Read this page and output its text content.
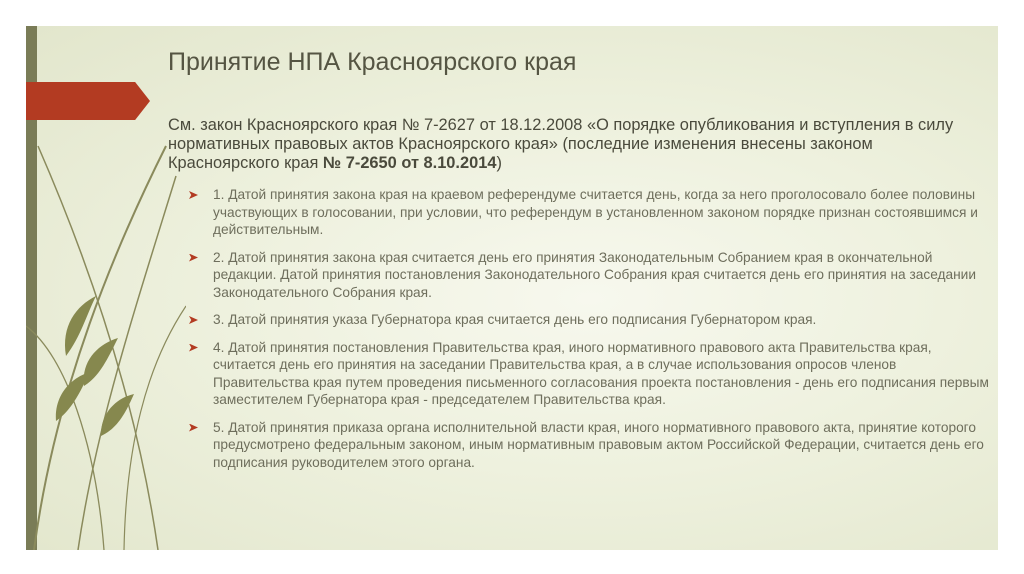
Принятие НПА Красноярского края

См. закон Красноярского края № 7-2627 от 18.12.2008 «О порядке опубликования и вступления в силу нормативных правовых актов Красноярского края» (последние изменения внесены законом Красноярского края № 7-2650 от 8.10.2014)

1. Датой принятия закона края на краевом референдуме считается день, когда за него проголосовало более половины участвующих в голосовании, при условии, что референдум в установленном законом порядке признан состоявшимся и действительным.
2. Датой принятия закона края считается день его принятия Законодательным Собранием края в окончательной редакции. Датой принятия постановления Законодательного Собрания края считается день его принятия на заседании Законодательного Собрания края.
3. Датой принятия указа Губернатора края считается день его подписания Губернатором края.
4. Датой принятия постановления Правительства края, иного нормативного правового акта Правительства края, считается день его принятия на заседании Правительства края, а в случае использования опросов членов Правительства края путем проведения письменного согласования проекта постановления - день его подписания первым заместителем Губернатора края - председателем Правительства края.
5. Датой принятия приказа органа исполнительной власти края, иного нормативного правового акта, принятие которого предусмотрено федеральным законом, иным нормативным правовым актом Российской Федерации, считается день его подписания руководителем этого органа.
